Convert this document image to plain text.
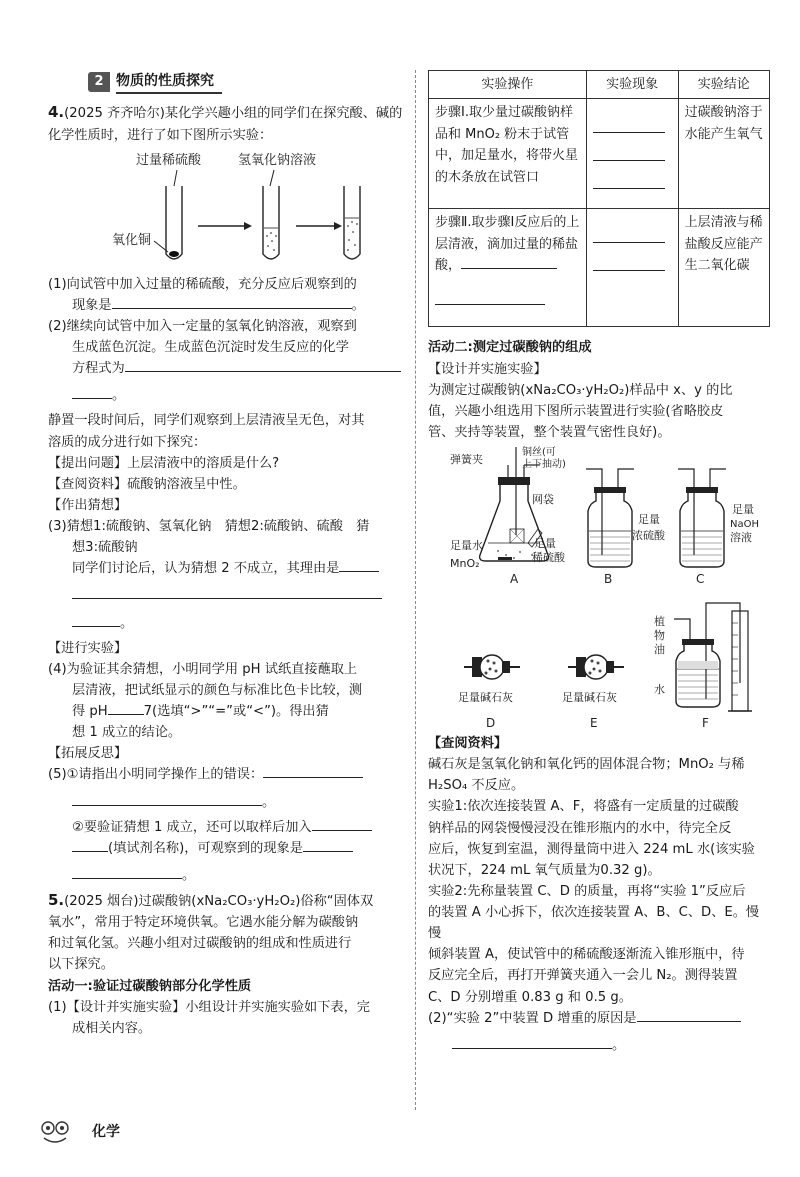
2 物质的性质探究

4.(2025 齐齐哈尔)某化学兴趣小组的同学们在探究酸、碱的化学性质时，进行了如下图所示实验：

过量稀硫酸	氢氧化钠溶液
氧化铜

(1)向试管中加入过量的稀硫酸，充分反应后观察到的

现象是	。

(2)继续向试管中加入一定量的氢氧化钠溶液，观察到

生成蓝色沉淀。生成蓝色沉淀时发生反应的化学

方程式为

。

静置一段时间后，同学们观察到上层清液呈无色，对其

溶质的成分进行如下探究：

【提出问题】上层清液中的溶质是什么?

【查阅资料】硫酸钠溶液呈中性。

【作出猜想】

(3)猜想1:硫酸钠、氢氧化钠　猜想2:硫酸钠、硫酸　猜

想3:硫酸钠

同学们讨论后，认为猜想 2 不成立，其理由是

。

【进行实验】

(4)为验证其余猜想，小明同学用 pH 试纸直接蘸取上

层清液，把试纸显示的颜色与标准比色卡比较，测

得 pH	7(选填“>”“=”或“<”)。得出猜

想 1 成立的结论。

【拓展反思】

(5)①请指出小明同学操作上的错误：

。

②要验证猜想 1 成立，还可以取样后加入

(填试剂名称)，可观察到的现象是

。

5.(2025 烟台)过碳酸钠(xNa₂CO₃·yH₂O₂)俗称“固体双

氧水”，常用于特定环境供氧。它遇水能分解为碳酸钠

和过氧化氢。兴趣小组对过碳酸钠的组成和性质进行

以下探究。

活动一:验证过碳酸钠部分化学性质

(1)【设计并实施实验】小组设计并实施实验如下表，完

成相关内容。

实验操作	实验现象	实验结论
步骤Ⅰ.取少量过碳酸钠样品和 MnO₂ 粉末于试管中，加足量水，将带火星的木条放在试管口		过碳酸钠溶于水能产生氧气
步骤Ⅱ.取步骤Ⅰ反应后的上层清液，滴加过量的稀盐酸，		上层清液与稀盐酸反应能产生二氧化碳

活动二:测定过碳酸钠的组成

【设计并实施实验】

为测定过碳酸钠(xNa₂CO₃·yH₂O₂)样品中 x、y 的比

值，兴趣小组选用下图所示装置进行实验(省略胶皮

管、夹持等装置，整个装置气密性良好)。

弹簧夹
铜丝(可
上下抽动)
网袋
足量水
MnO₂
足量
稀硫酸
A
足量
浓硫酸
B
足量
NaOH
溶液
C
足量碱石灰
D
足量碱石灰
E
植
物
油
水
F

【查阅资料】

碱石灰是氢氧化钠和氧化钙的固体混合物；MnO₂ 与稀

H₂SO₄ 不反应。

实验1:依次连接装置 A、F，将盛有一定质量的过碳酸

钠样品的网袋慢慢浸没在锥形瓶内的水中，待完全反

应后，恢复到室温，测得量筒中进入 224 mL 水(该实验

状况下，224 mL 氧气质量为0.32 g)。

实验2:先称量装置 C、D 的质量，再将“实验 1”反应后

的装置 A 小心拆下，依次连接装置 A、B、C、D、E。慢慢

倾斜装置 A，使试管中的稀硫酸逐渐流入锥形瓶中，待

反应完全后，再打开弹簧夹通入一会儿 N₂。测得装置

C、D 分别增重 0.83 g 和 0.5 g。

(2)“实验 2”中装置 D 增重的原因是

。

化学
